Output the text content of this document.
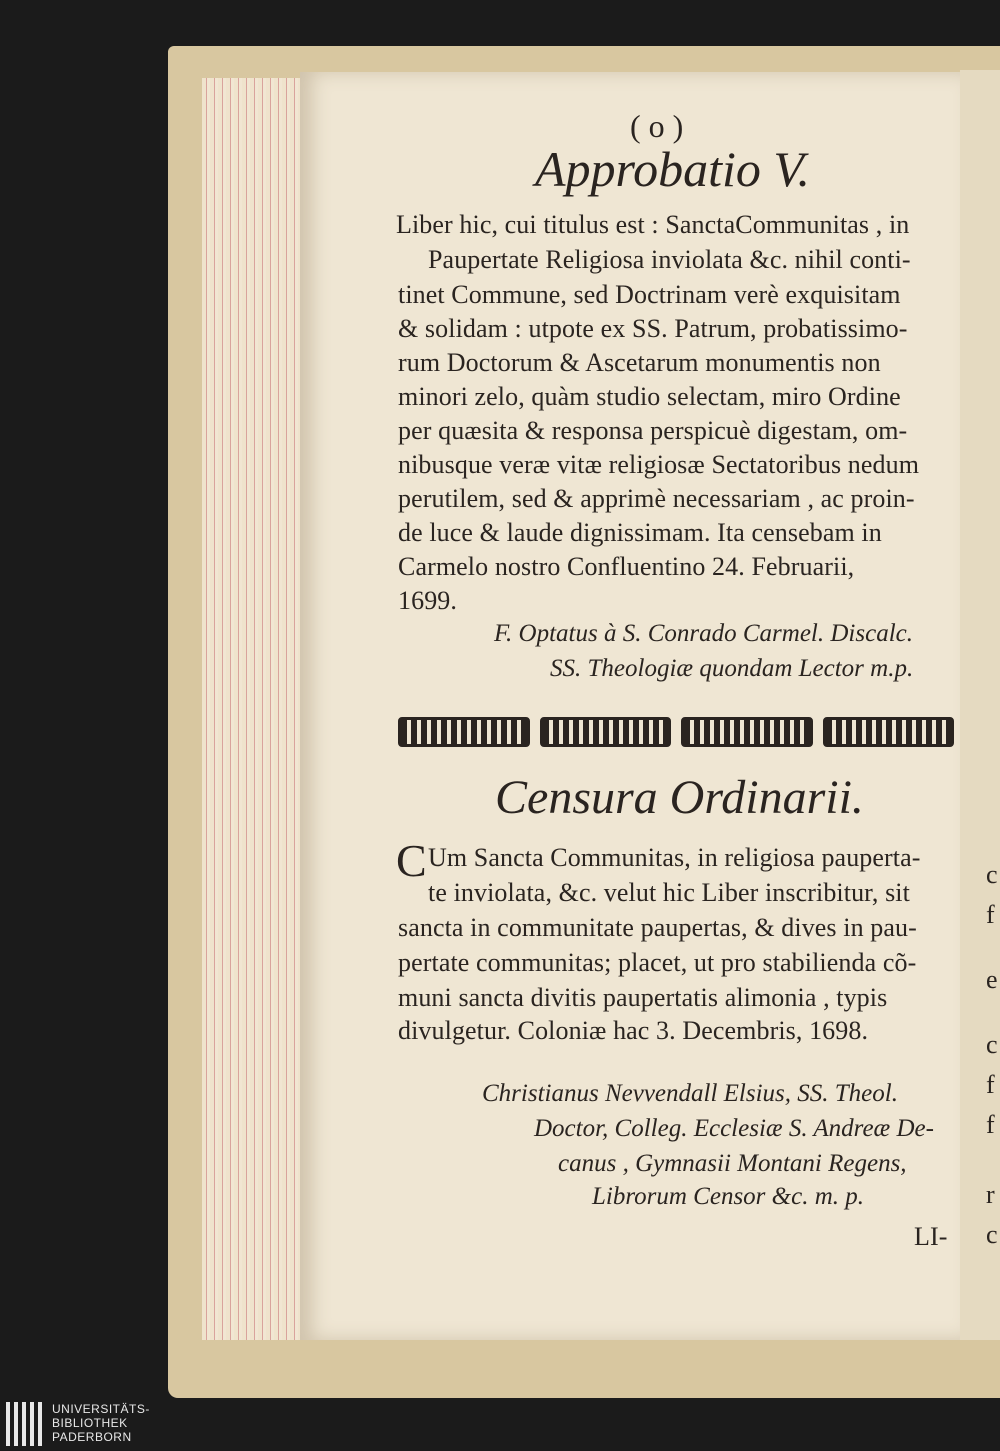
c
f
e
c
f
f
r
c
( o )
Approbatio V.
Liber hic, cui titulus est : SanctaCommunitas , in
Paupertate Religiosa inviolata &c. nihil conti-
tinet Commune, sed Doctrinam verè exquisitam
& solidam : utpote ex SS. Patrum, probatissimo-
rum Doctorum & Ascetarum monumentis non
minori zelo, quàm studio selectam, miro Ordine
per quæsita & responsa perspicuè digestam, om-
nibusque veræ vitæ religiosæ Sectatoribus nedum
perutilem, sed & apprimè necessariam , ac proin-
de luce & laude dignissimam. Ita censebam in
Carmelo nostro Confluentino 24. Februarii,
1699.
F. Optatus à S. Conrado Carmel. Discalc.
SS. Theologiæ quondam Lector m.p.
Censura Ordinarii.
C Um Sancta Communitas, in religiosa pauperta-
te inviolata, &c. velut hic Liber inscribitur, sit
sancta in communitate paupertas, & dives in pau-
pertate communitas; placet, ut pro stabilienda cõ-
muni sancta divitis paupertatis alimonia , typis
divulgetur. Coloniæ hac 3. Decembris, 1698.
Christianus Nevvendall Elsius, SS. Theol.
Doctor, Colleg. Ecclesiæ S. Andreæ De-
canus , Gymnasii Montani Regens,
Librorum Censor &c. m. p.
LI-
UNIVERSITÄTS-
BIBLIOTHEK
PADERBORN
